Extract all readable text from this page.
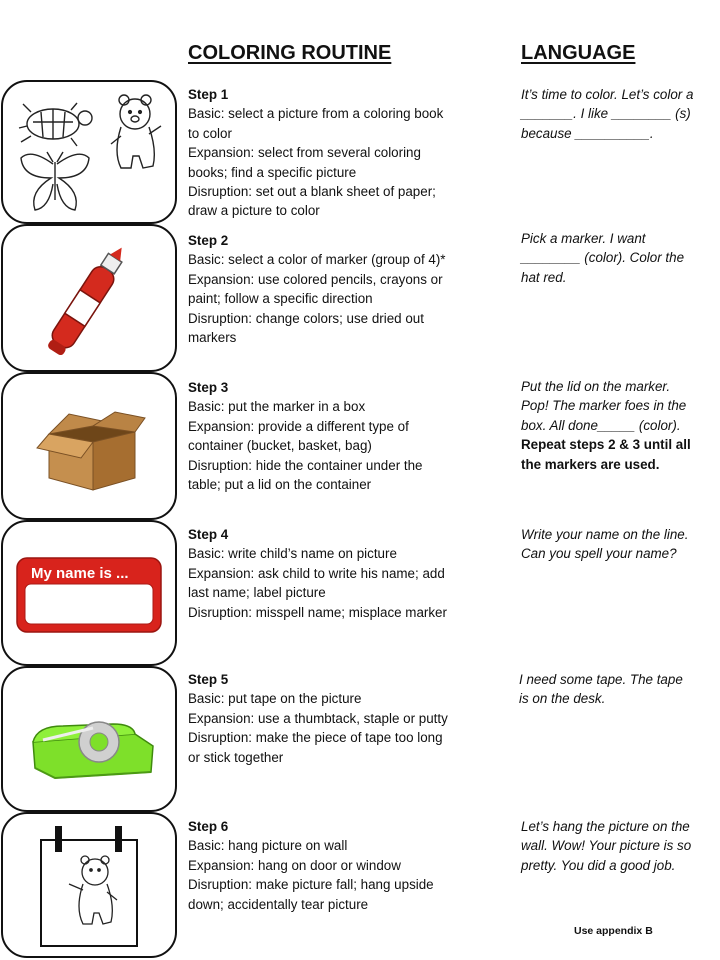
COLORING ROUTINE	LANGUAGE
Step 1
Basic: select a picture from a coloring book to color
Expansion: select from several coloring books; find a specific picture
Disruption: set out a blank sheet of paper; draw a picture to color
It’s time to color. Let’s color a _______. I like ________ (s) because __________.
Step 2
Basic: select a color of marker (group of 4)*
Expansion: use colored pencils, crayons or paint; follow a specific direction
Disruption: change colors; use dried out markers
Pick a marker. I want ________ (color). Color the hat red.
Step 3
Basic: put the marker in a box
Expansion: provide a different type of container (bucket, basket, bag)
Disruption: hide the container under the table; put a lid on the container
Put the lid on the marker. Pop! The marker foes in the box. All done_____ (color).
Repeat steps 2 & 3 until all the markers are used.
My name is ...
Step 4
Basic: write child’s name on picture
Expansion: ask child to write his name; add last name; label picture
Disruption: misspell name; misplace marker
Write your name on the line. Can you spell your name?
Step 5
Basic: put tape on the picture
Expansion: use a thumbtack, staple or putty
Disruption: make the piece of tape too long or stick together
I need some tape. The tape is on the desk.
Step 6
Basic: hang picture on wall
Expansion: hang on door or window
Disruption: make picture fall; hang upside down; accidentally tear picture
Let’s hang the picture on the wall. Wow! Your picture is so pretty. You did a good job.
Use appendix B
